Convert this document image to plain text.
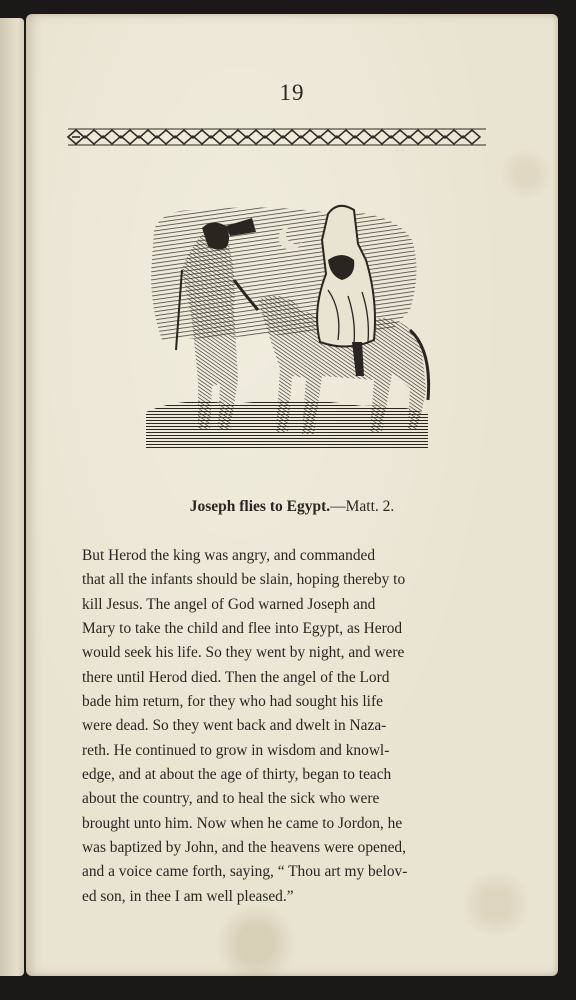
19
Joseph flies to Egypt.—Matt. 2.
But Herod the king was angry, and commanded
that all the infants should be slain, hoping thereby to
kill Jesus. The angel of God warned Joseph and
Mary to take the child and flee into Egypt, as Herod
would seek his life. So they went by night, and were
there until Herod died. Then the angel of the Lord
bade him return, for they who had sought his life
were dead. So they went back and dwelt in Naza-
reth. He continued to grow in wisdom and knowl-
edge, and at about the age of thirty, began to teach
about the country, and to heal the sick who were
brought unto him. Now when he came to Jordon, he
was baptized by John, and the heavens were opened,
and a voice came forth, saying, “ Thou art my belov-
ed son, in thee I am well pleased.”
